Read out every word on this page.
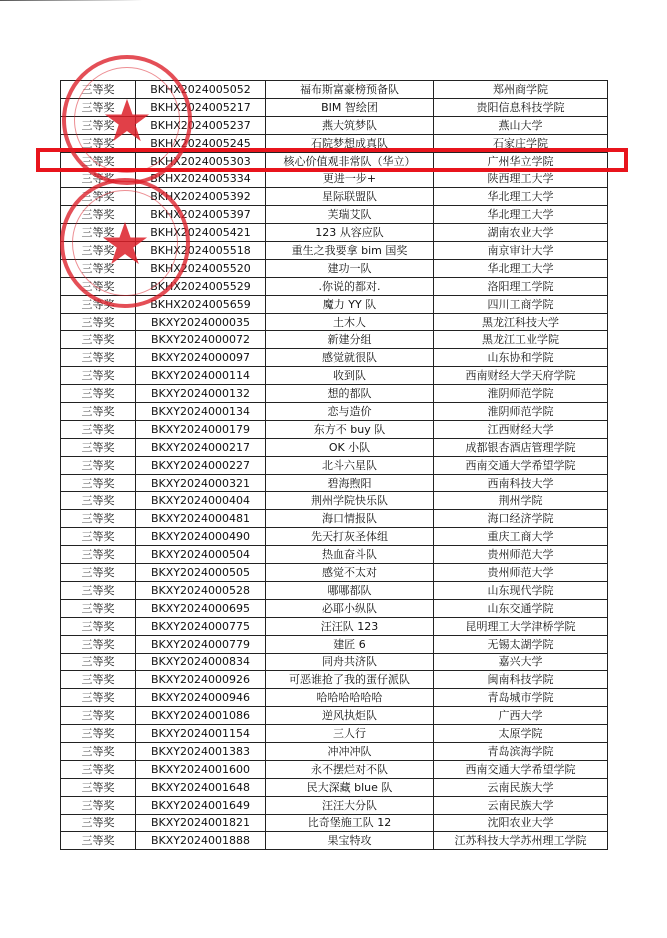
三等奖	BKHX2024005052	福布斯富豪榜预备队	郑州商学院
三等奖	BKHX2024005217	BIM 智绘团	贵阳信息科技学院
三等奖	BKHX2024005237	燕大筑梦队	燕山大学
三等奖	BKHX2024005245	石院梦想成真队	石家庄学院
三等奖	BKHX2024005303	核心价值观非常队（华立）	广州华立学院
三等奖	BKHX2024005334	更进一步+	陕西理工大学
三等奖	BKHX2024005392	星际联盟队	华北理工大学
三等奖	BKHX2024005397	芙瑞艾队	华北理工大学
三等奖	BKHX2024005421	123 从容应队	湖南农业大学
三等奖	BKHX2024005518	重生之我要拿 bim 国奖	南京审计大学
三等奖	BKHX2024005520	建功一队	华北理工大学
三等奖	BKHX2024005529	.你说的都对.	洛阳理工学院
三等奖	BKHX2024005659	魔力 YY 队	四川工商学院
三等奖	BKXY2024000035	土木人	黑龙江科技大学
三等奖	BKXY2024000072	新建分组	黑龙江工业学院
三等奖	BKXY2024000097	感觉就很队	山东协和学院
三等奖	BKXY2024000114	收到队	西南财经大学天府学院
三等奖	BKXY2024000132	想的都队	淮阴师范学院
三等奖	BKXY2024000134	恋与造价	淮阴师范学院
三等奖	BKXY2024000179	东方不 buy 队	江西财经大学
三等奖	BKXY2024000217	OK 小队	成都银杏酒店管理学院
三等奖	BKXY2024000227	北斗六星队	西南交通大学希望学院
三等奖	BKXY2024000321	碧海煦阳	西南科技大学
三等奖	BKXY2024000404	荆州学院快乐队	荆州学院
三等奖	BKXY2024000481	海口情报队	海口经济学院
三等奖	BKXY2024000490	先天打灰圣体组	重庆工商大学
三等奖	BKXY2024000504	热血奋斗队	贵州师范大学
三等奖	BKXY2024000505	感觉不太对	贵州师范大学
三等奖	BKXY2024000528	哪哪都队	山东现代学院
三等奖	BKXY2024000695	必耶小纵队	山东交通学院
三等奖	BKXY2024000775	汪汪队 123	昆明理工大学津桥学院
三等奖	BKXY2024000779	建匠 6	无锡太湖学院
三等奖	BKXY2024000834	同舟共济队	嘉兴大学
三等奖	BKXY2024000926	可恶谁抢了我的蛋仔派队	闽南科技学院
三等奖	BKXY2024000946	哈哈哈哈哈哈	青岛城市学院
三等奖	BKXY2024001086	逆风执炬队	广西大学
三等奖	BKXY2024001154	三人行	太原学院
三等奖	BKXY2024001383	冲冲冲队	青岛滨海学院
三等奖	BKXY2024001600	永不摆烂对不队	西南交通大学希望学院
三等奖	BKXY2024001648	民大深藏 blue 队	云南民族大学
三等奖	BKXY2024001649	汪汪大分队	云南民族大学
三等奖	BKXY2024001821	比奇堡施工队 12	沈阳农业大学
三等奖	BKXY2024001888	果宝特攻	江苏科技大学苏州理工学院
